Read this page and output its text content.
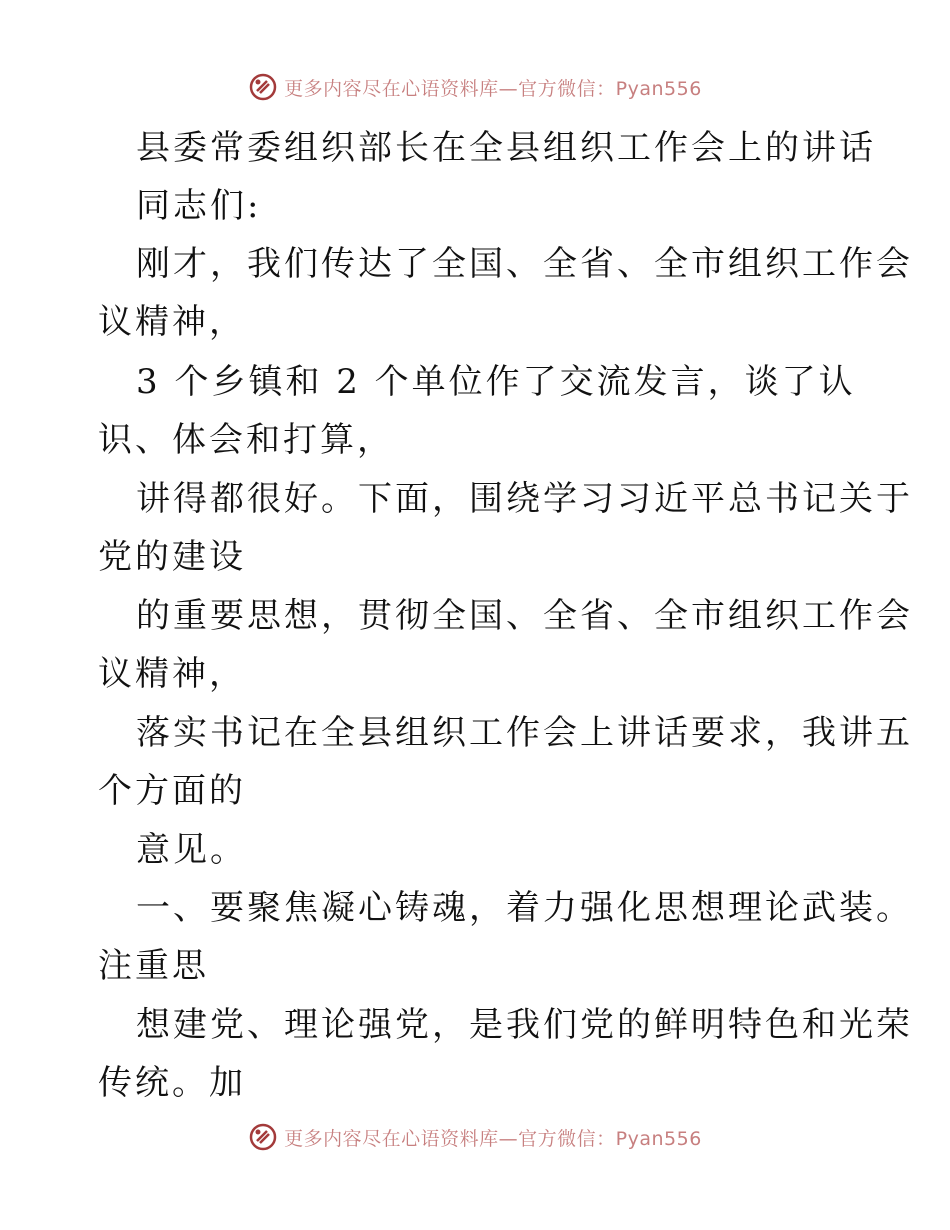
更多内容尽在心语资料库—官方微信：Pyan556
县委常委组织部长在全县组织工作会上的讲话
同志们:
刚才，我们传达了全国、全省、全市组织工作会
议精神，
3 个乡镇和 2 个单位作了交流发言，谈了认
识、体会和打算，
讲得都很好。下面，围绕学习习近平总书记关于
党的建设
的重要思想，贯彻全国、全省、全市组织工作会
议精神，
落实书记在全县组织工作会上讲话要求，我讲五
个方面的
意见。
一、要聚焦凝心铸魂，着力强化思想理论武装。
注重思
想建党、理论强党，是我们党的鲜明特色和光荣
传统。加
更多内容尽在心语资料库—官方微信：Pyan556
